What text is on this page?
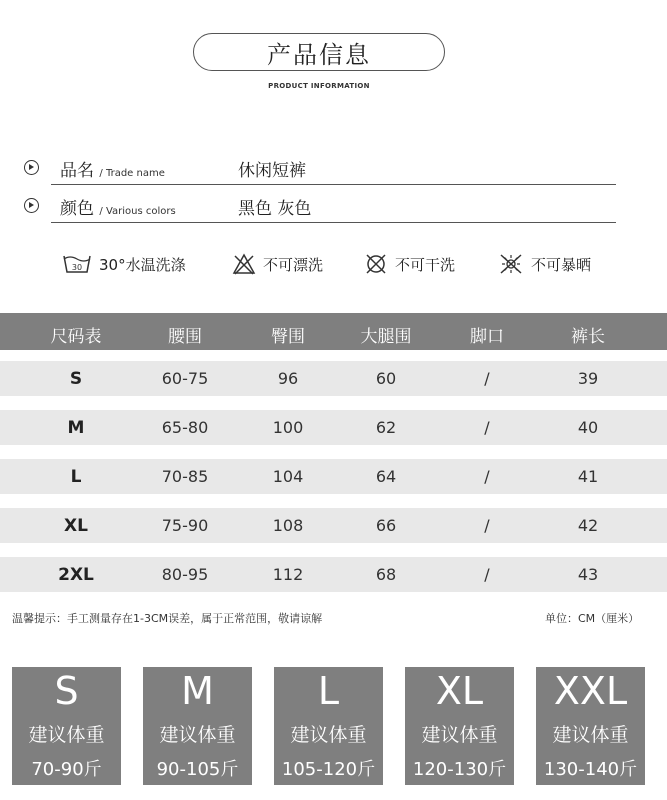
产品信息
PRODUCT INFORMATION
品名 / Trade name	休闲短裤
颜色 / Various colors	黑色 灰色
30 30°水温洗涤	不可漂洗	不可干洗	不可暴晒
尺码表	腰围	臀围	大腿围	脚口	裤长
S	60-75	96	60	/	39
M	65-80	100	62	/	40
L	70-85	104	64	/	41
XL	75-90	108	66	/	42
2XL	80-95	112	68	/	43
温馨提示：手工测量存在1-3CM误差，属于正常范围，敬请谅解	单位：CM（厘米）
S
建议体重
70-90斤
M
建议体重
90-105斤
L
建议体重
105-120斤
XL
建议体重
120-130斤
XXL
建议体重
130-140斤
